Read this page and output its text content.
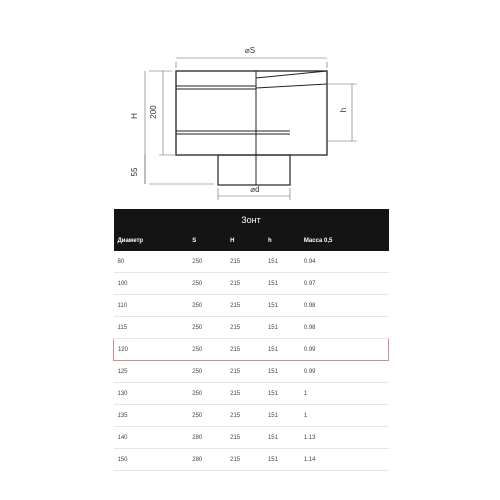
⌀S
H 200
55
h
⌀d
Зонт				
Диаметр	S	H	h	Масса 0,5
80	250	215	151	0.94
100	250	215	151	0.97
110	250	215	151	0.98
115	250	215	151	0.98
120	250	215	151	0.99
125	250	215	151	0.99
130	250	215	151	1
135	250	215	151	1
140	280	215	151	1.13
150	280	215	151	1.14
